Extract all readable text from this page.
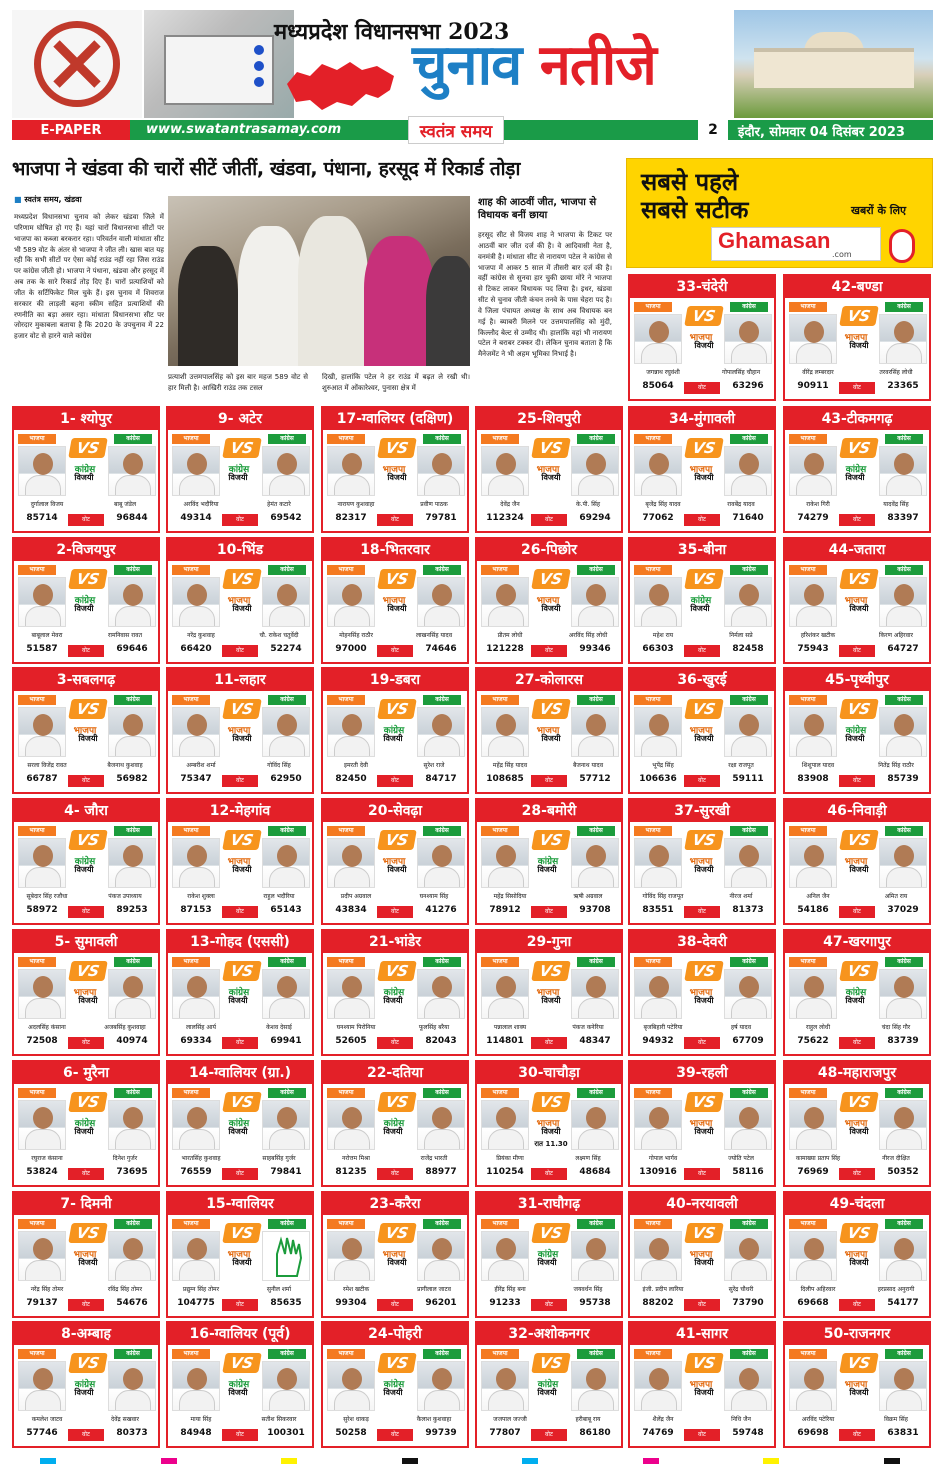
मध्यप्रदेश विधानसभा 2023
चुनाव नतीजे
E-PAPER	www.swatantrasamay.com	स्वतंत्र समय	2	इंदौर, सोमवार 04 दिसंबर 2023
भाजपा ने खंडवा की चारों सीटें जीतीं, खंडवा, पंधाना, हरसूद में रिकार्ड तोड़ा
■ स्वतंत्र समय, खंडवा
मध्यप्रदेश विधानसभा चुनाव को लेकर खंडवा जिले में परिणाम घोषित हो गए हैं। यहां चारों विधानसभा सीटों पर भाजपा का कब्जा बरकरार रहा। परिवर्तन वाली मांधाता सीट भी 589 वोट के अंतर से भाजपा ने जीत ली। खास बात यह रही कि सभी सीटों पर ऐसा कोई राउंड नहीं रहा जिस राउंड पर कांग्रेस जीती हो। भाजपा ने पंधाना, खंडवा और हरसूद में अब तक के सारे रिकार्ड तोड़ दिए हैं। चारों प्रत्याशियों को जीत के सर्टिफिकेट मिल चुके हैं। इस चुनाव में शिवराज सरकार की लाड़ली बहना स्कीम सहित प्रत्याशियों की रणनीति का बड़ा असर रहा। मांधाता विधानसभा सीट पर जोरदार मुकाबला बताया है कि 2020 के उपचुनाव में 22 हजार वोट से हारने वाले कांग्रेस
प्रत्याशी उत्तमपालसिंह को इस बार महज 589 वोट से हार मिली है। आखिरी राउंड तक टसल
दिखी, हालांकि पटेल ने हर राउंड में बढ़त ले रखी थी। शुरुआत में ओंकारेश्वर, पुनासा क्षेत्र में
शाह की आठवीं जीत, भाजपा से विधायक बनीं छाया
हरसूद सीट से विजय शाह ने भाजपा के टिकट पर आठवीं बार जीत दर्ज की है। वे आदिवासी नेता है, वनमंत्री है। मांधाता सीट से नारायण पटेल ने कांग्रेस से भाजपा में आकर 5 साल में तीसरी बार दर्ज की है। वहीं कांग्रेस से सुनवा हार चुकी छाया मोरे ने भाजपा से टिकट लाकर विधायक पद लिया है। इधर, खंडवा सीट से चुनाव जीती कंचन तनवे के पास चेहरा पद है। वे जिला पंचायत अध्यक्ष के साथ अब विधायक बन गई है। ब्याबरी मिलने पर उत्तमपालसिंह को मुंदी, किल्लौद बेल्ट से उम्मीद थी। हालांकि वहां भी नारायण पटेल ने बराबर टक्कर दी। लेकिन चुनाव बताता है कि मैनेजमेंट ने भी अहम भूमिका निभाई है।
सबसे पहले
सबसे सटीक	खबरों के लिए
Ghamasan
.com
33-चंदेरी
भाजपा	कांग्रेस
VS
भाजपा
विजयी
जगन्नाथ रघुवंशी	गोपालसिंह चौहान
85064	वोट	63296
42-बण्डा
भाजपा	कांग्रेस
VS
भाजपा
विजयी
वीरेंद्र लम्बरदार	तरवरसिंह लोधी
90911	वोट	23365
1- श्योपुर
भाजपा	कांग्रेस
VS
कांग्रेस
विजयी
दुर्गालाल विजय	बाबू जंडेल
85714	वोट	96844
9- अटेर
भाजपा	कांग्रेस
VS
कांग्रेस
विजयी
अरविंद भदौरिया	हेमंत कटारे
49314	वोट	69542
17-ग्वालियर (दक्षिण)
भाजपा	कांग्रेस
VS
भाजपा
विजयी
नारायण कुशवाहा	प्रवीण पाठक
82317	वोट	79781
25-शिवपुरी
भाजपा	कांग्रेस
VS
भाजपा
विजयी
देवेंद्र जैन	के.पी. सिंह
112324	वोट	69294
34-मुंगावली
भाजपा	कांग्रेस
VS
भाजपा
विजयी
बृजेंद्र सिंह यादव	रावबेंद्र यादव
77062	वोट	71640
43-टीकमगढ़
भाजपा	कांग्रेस
VS
कांग्रेस
विजयी
राकेश गिरी	यादवेंद्र सिंह
74279	वोट	83397
2-विजयपुर
भाजपा	कांग्रेस
VS
कांग्रेस
विजयी
बाबूलाल मेवरा	रामनिवास रावत
51587	वोट	69646
10-भिंड
भाजपा	कांग्रेस
VS
भाजपा
विजयी
नरेंद्र कुशवाह	चौ. राकेश चतुर्वेदी
66420	वोट	52274
18-भितरवार
भाजपा	कांग्रेस
VS
भाजपा
विजयी
मोहनसिंह राठौर	लाखनसिंह यादव
97000	वोट	74646
26-पिछोर
भाजपा	कांग्रेस
VS
भाजपा
विजयी
प्रीतम लोधी	अरविंद सिंह लोधी
121228	वोट	99346
35-बीना
भाजपा	कांग्रेस
VS
कांग्रेस
विजयी
महेश राय	निर्मला सप्रे
66303	वोट	82458
44-जतारा
भाजपा	कांग्रेस
VS
भाजपा
विजयी
हरिशंकर खटीक	किरण अहिरवार
75943	वोट	64727
3-सबलगढ़
भाजपा	कांग्रेस
VS
भाजपा
विजयी
सरला विजेंद्र रावत	बैजनाथ कुशवाह
66787	वोट	56982
11-लहार
भाजपा	कांग्रेस
VS
भाजपा
विजयी
अम्बरीश शर्मा	गोविंद सिंह
75347	वोट	62950
19-डबरा
भाजपा	कांग्रेस
VS
कांग्रेस
विजयी
इमरती देवी	सुरेश राजे
82450	वोट	84717
27-कोलारस
भाजपा	कांग्रेस
VS
भाजपा
विजयी
महेंद्र सिंह यादव	बैजनाथ यादव
108685	वोट	57712
36-खुरई
भाजपा	कांग्रेस
VS
भाजपा
विजयी
भूपेंद्र सिंह	रक्षा राजपूत
106636	वोट	59111
45-पृथ्वीपुर
भाजपा	कांग्रेस
VS
कांग्रेस
विजयी
शिशुपाल यादव	नितेंद्र सिंह राठौर
83908	वोट	85739
4- जौरा
भाजपा	कांग्रेस
VS
कांग्रेस
विजयी
सूबेदार सिंह रजौधा	पंकज उपाध्याय
58972	वोट	89253
12-मेहगांव
भाजपा	कांग्रेस
VS
भाजपा
विजयी
राकेश शुक्ला	राहुल भदौरिया
87153	वोट	65143
20-सेवढ़ा
भाजपा	कांग्रेस
VS
भाजपा
विजयी
प्रदीप अग्रवाल	घनश्याम सिंह
43834	वोट	41276
28-बमोरी
भाजपा	कांग्रेस
VS
कांग्रेस
विजयी
महेंद्र सिसोदिया	ऋषी अग्रवाल
78912	वोट	93708
37-सुरखी
भाजपा	कांग्रेस
VS
भाजपा
विजयी
गोविंद सिंह राजपूत	नीरज शर्मा
83551	वोट	81373
46-निवाड़ी
भाजपा	कांग्रेस
VS
भाजपा
विजयी
अनिल जैन	अमित राय
54186	वोट	37029
5- सुमावली
भाजपा	कांग्रेस
VS
भाजपा
विजयी
अदलसिंह कंसाना	अजबसिंह कुशवाहा
72508	वोट	40974
13-गोहद (एससी)
भाजपा	कांग्रेस
VS
कांग्रेस
विजयी
लालसिंह आर्य	केशव देसाई
69334	वोट	69941
21-भांडेर
भाजपा	कांग्रेस
VS
कांग्रेस
विजयी
घनश्याम पिरोनिया	फूलसिंह बरैया
52605	वोट	82043
29-गुना
भाजपा	कांग्रेस
VS
भाजपा
विजयी
पन्नालाल शाक्य	पंकज कनेरिया
114801	वोट	48347
38-देवरी
भाजपा	कांग्रेस
VS
भाजपा
विजयी
बृजबिहारी पटेरिया	हर्ष यादव
94932	वोट	67709
47-खरगापुर
भाजपा	कांग्रेस
VS
कांग्रेस
विजयी
राहुल लोधी	चंदा सिंह गौर
75622	वोट	83739
6- मुरैना
भाजपा	कांग्रेस
VS
कांग्रेस
विजयी
रघुराज कंसाना	दिनेश गुर्जर
53824	वोट	73695
14-ग्वालियर (ग्रा.)
भाजपा	कांग्रेस
VS
कांग्रेस
विजयी
भारतसिंह कुशवाह	साहबसिंह गुर्जर
76559	वोट	79841
22-दतिया
भाजपा	कांग्रेस
VS
कांग्रेस
विजयी
नरोत्तम मिश्रा	राजेंद्र भारती
81235	वोट	88977
30-चाचौड़ा
भाजपा	कांग्रेस
VS
भाजपा
विजयी
रात 11.30
प्रियंका मीणा	लक्ष्मण सिंह
110254	वोट	48684
39-रहली
भाजपा	कांग्रेस
VS
भाजपा
विजयी
गोपाल भार्गव	ज्योति पटेल
130916	वोट	58116
48-महाराजपुर
भाजपा	कांग्रेस
VS
भाजपा
विजयी
कामाख्या प्रताप सिंह	नीरज दीक्षित
76969	वोट	50352
7- दिमनी
भाजपा	कांग्रेस
VS
भाजपा
विजयी
नरेंद्र सिंह तोमर	रविंद्र सिंह तोमर
79137	वोट	54676
15-ग्वालियर
भाजपा	कांग्रेस
VS
भाजपा
विजयी
प्रद्युम्न सिंह तोमर	सुनील शर्मा
104775	वोट	85635
23-करैरा
भाजपा	कांग्रेस
VS
भाजपा
विजयी
रमेश खटीक	प्रागीलाल जाटव
99304	वोट	96201
31-राघौगढ़
भाजपा	कांग्रेस
VS
कांग्रेस
विजयी
हीरेंद्र सिंह बना	जयवर्धन सिंह
91233	वोट	95738
40-नरयावली
भाजपा	कांग्रेस
VS
भाजपा
विजयी
इंजी. प्रदीप लारिया	सुरेंद्र चौधरी
88202	वोट	73790
49-चंदला
भाजपा	कांग्रेस
VS
भाजपा
विजयी
दिलीप अहिरवार	हरप्रसाद अनुरागी
69668	वोट	54177
8-अम्बाह
भाजपा	कांग्रेस
VS
कांग्रेस
विजयी
कमलेश जाटव	देवेंद्र सखवार
57746	वोट	80373
16-ग्वालियर (पूर्व)
भाजपा	कांग्रेस
VS
कांग्रेस
विजयी
माया सिंह	सतीश सिकरवार
84948	वोट	100301
24-पोहरी
भाजपा	कांग्रेस
VS
कांग्रेस
विजयी
सुरेश धाकड़	कैलाश कुशवाहा
50258	वोट	99739
32-अशोकनगर
भाजपा	कांग्रेस
VS
कांग्रेस
विजयी
जजपाल जज्जी	हरीबाबू राय
77807	वोट	86180
41-सागर
भाजपा	कांग्रेस
VS
भाजपा
विजयी
शैलेंद्र जैन	निधि जैन
74769	वोट	59748
50-राजनगर
भाजपा	कांग्रेस
VS
भाजपा
विजयी
अरविंद पटेरिया	विक्रम सिंह
69698	वोट	63831
